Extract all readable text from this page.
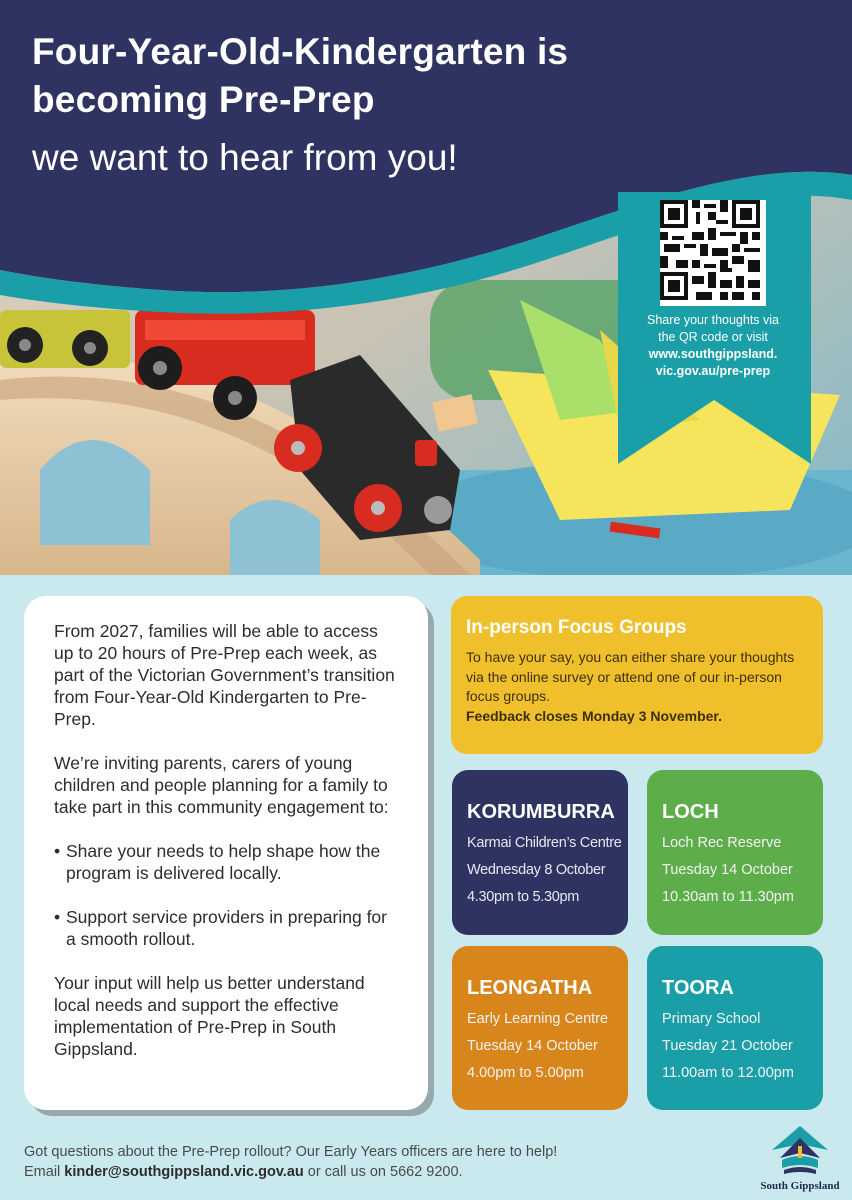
Four-Year-Old-Kindergarten is
becoming Pre-Prep
we want to hear from you!
Share your thoughts via
the QR code or visit
www.southgippsland.
vic.gov.au/pre-prep

From 2027, families will be able to access up to 20 hours of Pre-Prep each week, as part of the Victorian Government’s transition from Four-Year-Old Kindergarten to Pre-Prep.

We’re inviting parents, carers of young children and people planning for a family to take part in this community engagement to:

• Share your needs to help shape how the program is delivered locally.
• Support service providers in preparing for a smooth rollout.

Your input will help us better understand local needs and support the effective implementation of Pre-Prep in South Gippsland.

In-person Focus Groups
To have your say, you can either share your thoughts via the online survey or attend one of our in-person focus groups.
Feedback closes Monday 3 November.
KORUMBURRA
Karmai Children’s Centre
Wednesday 8 October
4.30pm to 5.30pm
LOCH
Loch Rec Reserve
Tuesday 14 October
10.30am to 11.30pm
LEONGATHA
Early Learning Centre
Tuesday 14 October
4.00pm to 5.00pm
TOORA
Primary School
Tuesday 21 October
11.00am to 12.00pm
Got questions about the Pre-Prep rollout? Our Early Years officers are here to help!
Email kinder@southgippsland.vic.gov.au or call us on 5662 9200.
South Gippsland
